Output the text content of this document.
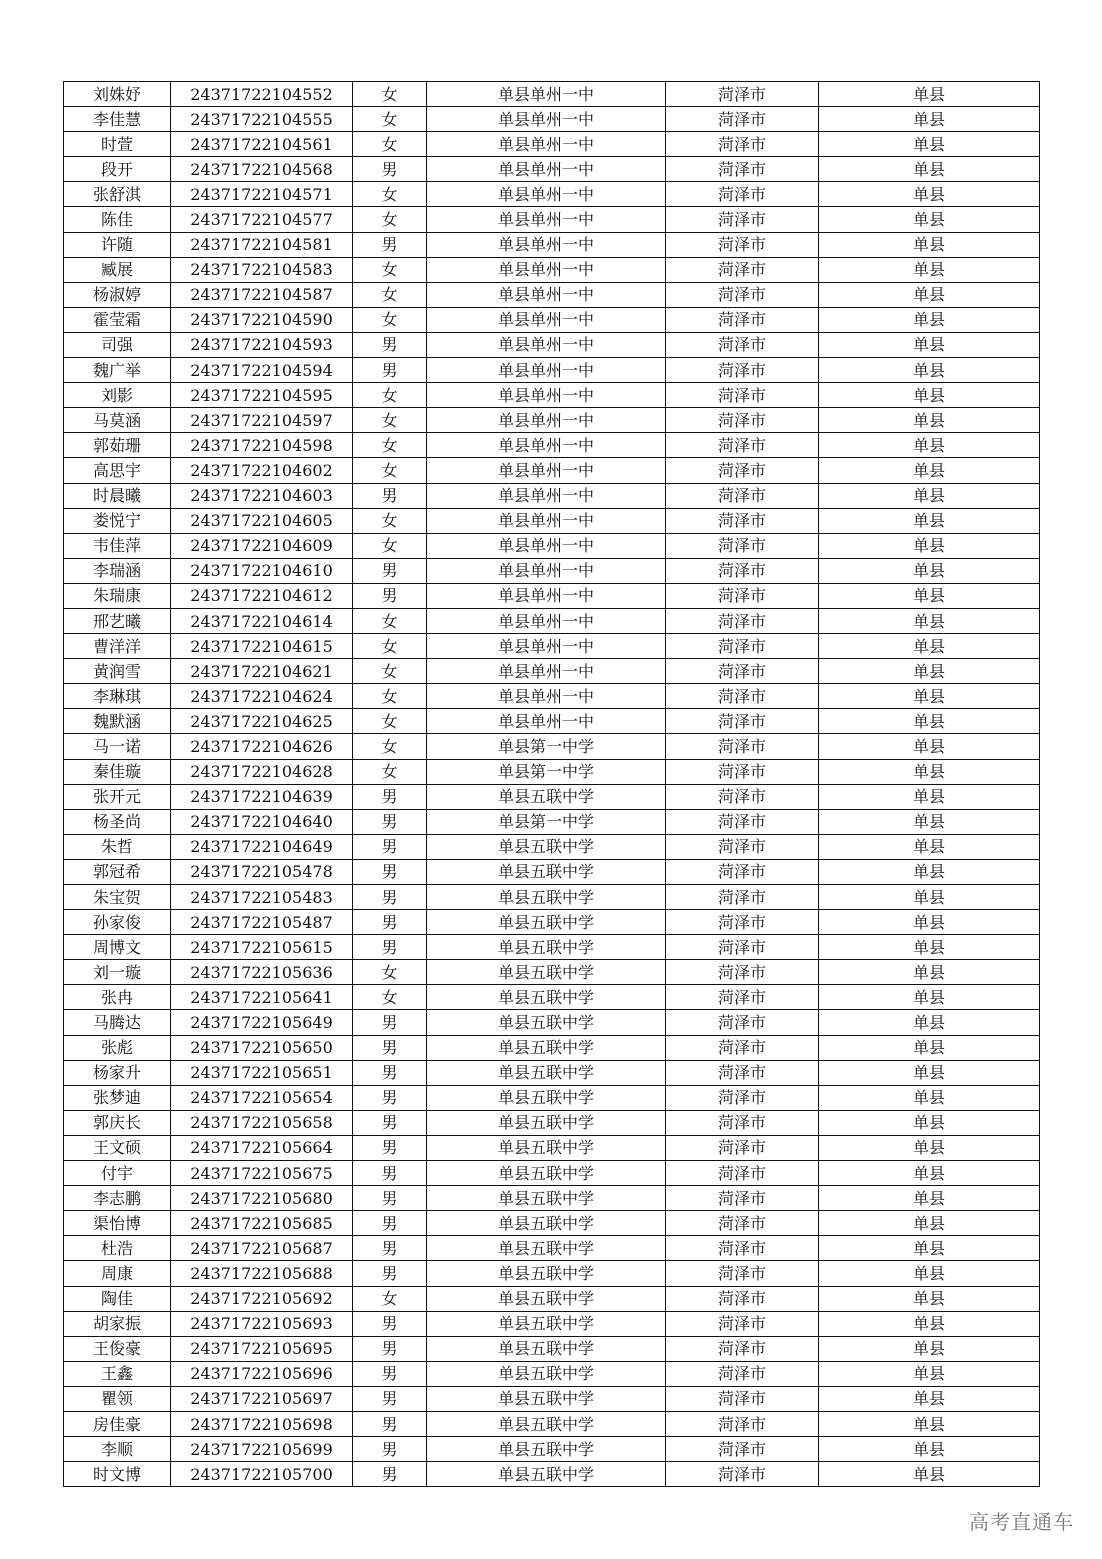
刘姝妤	24371722104552	女	单县单州一中	菏泽市	单县
李佳慧	24371722104555	女	单县单州一中	菏泽市	单县
时萱	24371722104561	女	单县单州一中	菏泽市	单县
段开	24371722104568	男	单县单州一中	菏泽市	单县
张舒淇	24371722104571	女	单县单州一中	菏泽市	单县
陈佳	24371722104577	女	单县单州一中	菏泽市	单县
许随	24371722104581	男	单县单州一中	菏泽市	单县
臧展	24371722104583	女	单县单州一中	菏泽市	单县
杨淑婷	24371722104587	女	单县单州一中	菏泽市	单县
霍莹霜	24371722104590	女	单县单州一中	菏泽市	单县
司强	24371722104593	男	单县单州一中	菏泽市	单县
魏广举	24371722104594	男	单县单州一中	菏泽市	单县
刘影	24371722104595	女	单县单州一中	菏泽市	单县
马莫涵	24371722104597	女	单县单州一中	菏泽市	单县
郭茹珊	24371722104598	女	单县单州一中	菏泽市	单县
高思宇	24371722104602	女	单县单州一中	菏泽市	单县
时晨曦	24371722104603	男	单县单州一中	菏泽市	单县
娄悦宁	24371722104605	女	单县单州一中	菏泽市	单县
韦佳萍	24371722104609	女	单县单州一中	菏泽市	单县
李瑞涵	24371722104610	男	单县单州一中	菏泽市	单县
朱瑞康	24371722104612	男	单县单州一中	菏泽市	单县
邢艺曦	24371722104614	女	单县单州一中	菏泽市	单县
曹洋洋	24371722104615	女	单县单州一中	菏泽市	单县
黄润雪	24371722104621	女	单县单州一中	菏泽市	单县
李琳琪	24371722104624	女	单县单州一中	菏泽市	单县
魏默涵	24371722104625	女	单县单州一中	菏泽市	单县
马一诺	24371722104626	女	单县第一中学	菏泽市	单县
秦佳璇	24371722104628	女	单县第一中学	菏泽市	单县
张开元	24371722104639	男	单县五联中学	菏泽市	单县
杨圣尚	24371722104640	男	单县第一中学	菏泽市	单县
朱哲	24371722104649	男	单县五联中学	菏泽市	单县
郭冠希	24371722105478	男	单县五联中学	菏泽市	单县
朱宝贺	24371722105483	男	单县五联中学	菏泽市	单县
孙家俊	24371722105487	男	单县五联中学	菏泽市	单县
周博文	24371722105615	男	单县五联中学	菏泽市	单县
刘一璇	24371722105636	女	单县五联中学	菏泽市	单县
张冉	24371722105641	女	单县五联中学	菏泽市	单县
马腾达	24371722105649	男	单县五联中学	菏泽市	单县
张彪	24371722105650	男	单县五联中学	菏泽市	单县
杨家升	24371722105651	男	单县五联中学	菏泽市	单县
张梦迪	24371722105654	男	单县五联中学	菏泽市	单县
郭庆长	24371722105658	男	单县五联中学	菏泽市	单县
王文硕	24371722105664	男	单县五联中学	菏泽市	单县
付宇	24371722105675	男	单县五联中学	菏泽市	单县
李志鹏	24371722105680	男	单县五联中学	菏泽市	单县
渠怡博	24371722105685	男	单县五联中学	菏泽市	单县
杜浩	24371722105687	男	单县五联中学	菏泽市	单县
周康	24371722105688	男	单县五联中学	菏泽市	单县
陶佳	24371722105692	女	单县五联中学	菏泽市	单县
胡家振	24371722105693	男	单县五联中学	菏泽市	单县
王俊豪	24371722105695	男	单县五联中学	菏泽市	单县
王鑫	24371722105696	男	单县五联中学	菏泽市	单县
瞿领	24371722105697	男	单县五联中学	菏泽市	单县
房佳豪	24371722105698	男	单县五联中学	菏泽市	单县
李顺	24371722105699	男	单县五联中学	菏泽市	单县
时文博	24371722105700	男	单县五联中学	菏泽市	单县
高考直通车
